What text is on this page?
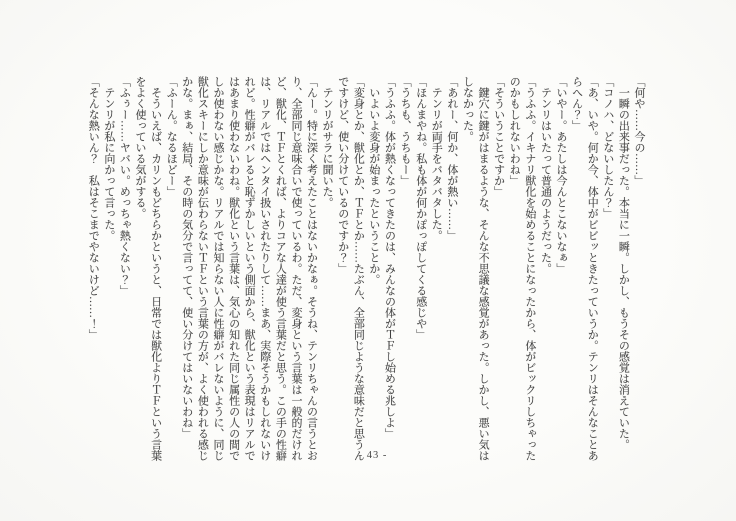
「何や……今の……」

　一瞬の出来事だった。本当に一瞬。しかし、もうその感覚は消えていた。

「コノハ、どないしたん？」

「あ、いや。何か今、体中がビビッときたっていうか。テンリはそんなことあ

らへん？」

「いやー。あたしは今んとこないなぁ」

　テンリはいたって普通のようだった。

「うふふ。イキナリ獣化を始めることになったから、体がビックリしちゃった

のかもしれないわね」

「そういうことですか」

　鍵穴に鍵がはまるような、そんな不思議な感覚があった。しかし、悪い気は

しなかった。

「あれー、何か、体が熱い……」

　テンリが両手をバタバタした。

「ほんまやね。私も体が何かぽっぽしてくる感じや」

「うちも、うちもー」

「うふふ。体が熱くなってきたのは、みんなの体がＴＦし始める兆しよ」

　いよいよ変身が始まったということか。

「変身とか、獣化とか、ＴＦとか……たぶん、全部同じような意味だと思うん

ですけど、使い分けているのですか？」

　テンリがサラに聞いた。

「んー。特に深く考えたことはないかなぁ。そうね、テンリちゃんの言うとお

り、全部同じ意味合いで使っているわ。ただ、変身という言葉は一般的だけれ

ど、獣化、ＴＦとくれば、よりコアな人達が使う言葉だと思う。この手の性癖

は、リアルではヘンタイ扱いされたりして……まあ、実際そうかもしれないけ

れど。性癖がバレると恥ずかしいという側面から、獣化という表現はリアルで

はあまり使わないわね。獣化という言葉は、気心の知れた同じ属性の人の間で

しか使わない感じかな。リアルでは知らない人に性癖がバレないように、同じ

獣化スキーにしか意味が伝わらないＴＦという言葉の方が、よく使われる感じ

かな。まぁ、結局、その時の気分で言ってて、使い分けてはいないわね」

「ふーん。なるほどー」

　そういえば、カリンもどちらかというと、日常では獣化よりＴＦという言葉

をよく使っている気がする。

「ふぅー……ヤバい。めっちゃ熱くない？」

　テンリが私に向かって言った。

「そんな熱いん？　私はそこまでやないけど……！」

- 43 -
